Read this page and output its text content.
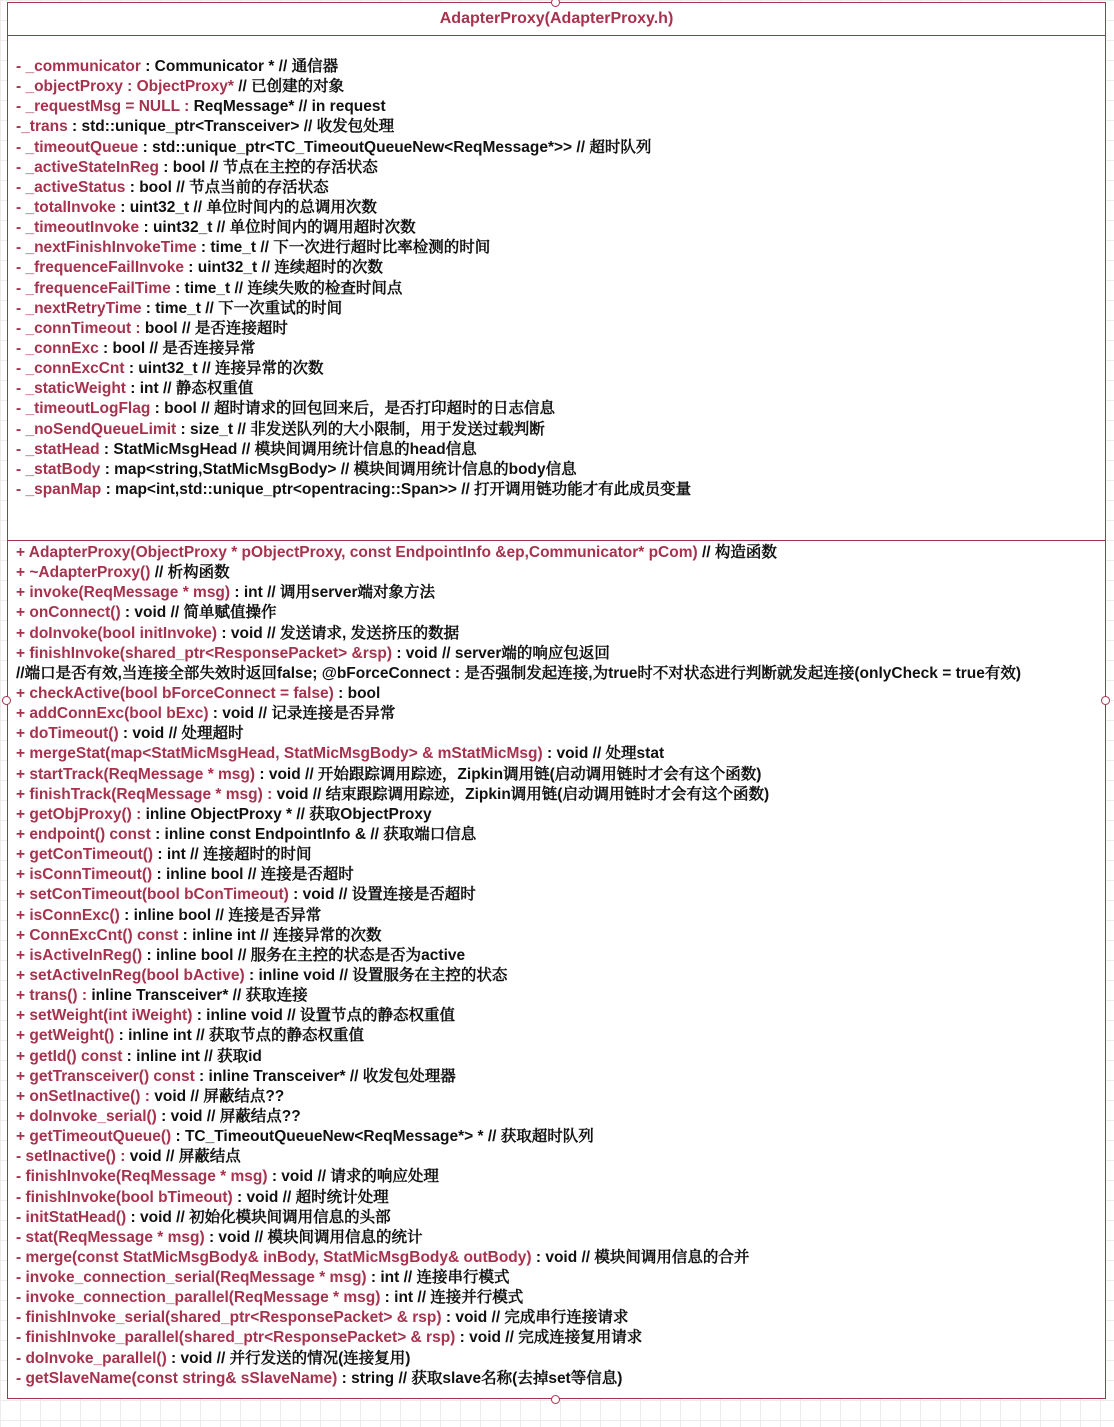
AdapterProxy(AdapterProxy.h)
- _communicator : Communicator * // 通信器
- _objectProxy : ObjectProxy* // 已创建的对象
- _requestMsg = NULL : ReqMessage* // in request
-_trans : std::unique_ptr<Transceiver> // 收发包处理
- _timeoutQueue : std::unique_ptr<TC_TimeoutQueueNew<ReqMessage*>> // 超时队列
- _activeStateInReg : bool // 节点在主控的存活状态
- _activeStatus : bool // 节点当前的存活状态
- _totalInvoke : uint32_t // 单位时间内的总调用次数
- _timeoutInvoke : uint32_t // 单位时间内的调用超时次数
- _nextFinishInvokeTime : time_t // 下一次进行超时比率检测的时间
- _frequenceFailInvoke : uint32_t // 连续超时的次数
- _frequenceFailTime : time_t // 连续失败的检查时间点
- _nextRetryTime : time_t // 下一次重试的时间
- _connTimeout : bool // 是否连接超时
- _connExc : bool // 是否连接异常
- _connExcCnt : uint32_t // 连接异常的次数
- _staticWeight : int // 静态权重值
- _timeoutLogFlag : bool // 超时请求的回包回来后，是否打印超时的日志信息
- _noSendQueueLimit : size_t // 非发送队列的大小限制，用于发送过载判断
- _statHead : StatMicMsgHead // 模块间调用统计信息的head信息
- _statBody : map<string,StatMicMsgBody> // 模块间调用统计信息的body信息
- _spanMap : map<int,std::unique_ptr<opentracing::Span>> // 打开调用链功能才有此成员变量
+ AdapterProxy(ObjectProxy * pObjectProxy, const EndpointInfo &ep,Communicator* pCom) // 构造函数
+ ~AdapterProxy() // 析构函数
+ invoke(ReqMessage * msg) : int // 调用server端对象方法
+ onConnect() : void // 简单赋值操作
+ doInvoke(bool initInvoke) : void // 发送请求, 发送挤压的数据
+ finishInvoke(shared_ptr<ResponsePacket> &rsp) : void // server端的响应包返回
//端口是否有效,当连接全部失效时返回false; @bForceConnect : 是否强制发起连接,为true时不对状态进行判断就发起连接(onlyCheck = true有效)
+ checkActive(bool bForceConnect = false) : bool
+ addConnExc(bool bExc) : void // 记录连接是否异常
+ doTimeout() : void // 处理超时
+ mergeStat(map<StatMicMsgHead, StatMicMsgBody> & mStatMicMsg) : void // 处理stat
+ startTrack(ReqMessage * msg) : void // 开始跟踪调用踪迹，Zipkin调用链(启动调用链时才会有这个函数)
+ finishTrack(ReqMessage * msg) : void // 结束跟踪调用踪迹，Zipkin调用链(启动调用链时才会有这个函数)
+ getObjProxy() : inline ObjectProxy * // 获取ObjectProxy
+ endpoint() const : inline const EndpointInfo & // 获取端口信息
+ getConTimeout() : int // 连接超时的时间
+ isConnTimeout() : inline bool // 连接是否超时
+ setConTimeout(bool bConTimeout) : void // 设置连接是否超时
+ isConnExc() : inline bool // 连接是否异常
+ ConnExcCnt() const : inline int // 连接异常的次数
+ isActiveInReg() : inline bool // 服务在主控的状态是否为active
+ setActiveInReg(bool bActive) : inline void // 设置服务在主控的状态
+ trans() : inline Transceiver* // 获取连接
+ setWeight(int iWeight) : inline void // 设置节点的静态权重值
+ getWeight() : inline int // 获取节点的静态权重值
+ getId() const : inline int // 获取id
+ getTransceiver() const : inline Transceiver* // 收发包处理器
+ onSetInactive() : void // 屏蔽结点??
+ doInvoke_serial() : void // 屏蔽结点??
+ getTimeoutQueue() : TC_TimeoutQueueNew<ReqMessage*> * // 获取超时队列
- setInactive() : void // 屏蔽结点
- finishInvoke(ReqMessage * msg) : void // 请求的响应处理
- finishInvoke(bool bTimeout) : void // 超时统计处理
- initStatHead() : void // 初始化模块间调用信息的头部
- stat(ReqMessage * msg) : void // 模块间调用信息的统计
- merge(const StatMicMsgBody& inBody, StatMicMsgBody& outBody) : void // 模块间调用信息的合并
- invoke_connection_serial(ReqMessage * msg) : int // 连接串行模式
- invoke_connection_parallel(ReqMessage * msg) : int // 连接并行模式
- finishInvoke_serial(shared_ptr<ResponsePacket> & rsp) : void // 完成串行连接请求
- finishInvoke_parallel(shared_ptr<ResponsePacket> & rsp) : void // 完成连接复用请求
- doInvoke_parallel() : void // 并行发送的情况(连接复用)
- getSlaveName(const string& sSlaveName) : string // 获取slave名称(去掉set等信息)
